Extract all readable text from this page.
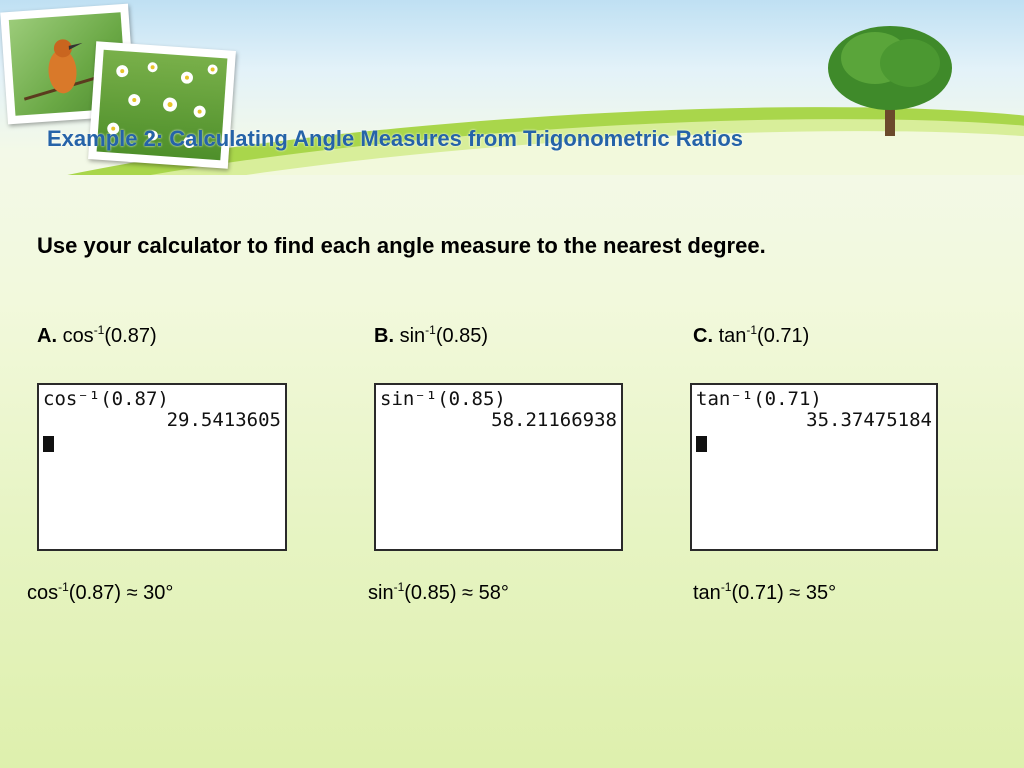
Example 2: Calculating Angle Measures from Trigonometric Ratios

Use your calculator to find each angle measure to the nearest degree.

A. $\cos^{-1}(0.87)$	B. $\sin^{-1}(0.85)$	C. $\tan^{-1}(0.71)$
cos⁻¹(0.87)
29.5413605
sin⁻¹(0.85)
58.21166938
tan⁻¹(0.71)
35.37475184
$\cos^{-1}(0.87) \approx 30^\circ$	$\sin^{-1}(0.85) \approx 58^\circ$	$\tan^{-1}(0.71) \approx 35^\circ$
